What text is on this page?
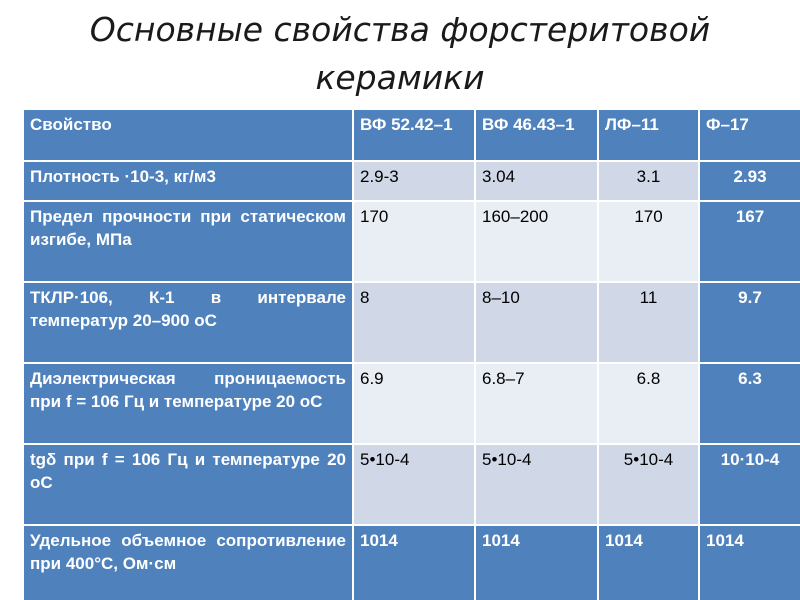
Основные свойства форстеритовой
керамики
Свойство	ВФ 52.42–1	ВФ 46.43–1	ЛФ–11	Ф–17
Плотность ·10-3, кг/м3	2.9-3	3.04	3.1	2.93
Предел прочности при статическом изгибе, МПа	170	160–200	170	167
ТКЛР·106, К-1 в интервале температур 20–900 оС	8	8–10	11	9.7
Диэлектрическая проницаемость при f = 106 Гц и температуре 20 оС	6.9	6.8–7	6.8	6.3
tgδ при f = 106 Гц и температуре 20 оС	5•10-4	5•10-4	5•10-4	10·10-4
Удельное объемное сопротивление при 400°С, Ом·см	1014	1014	1014	1014
